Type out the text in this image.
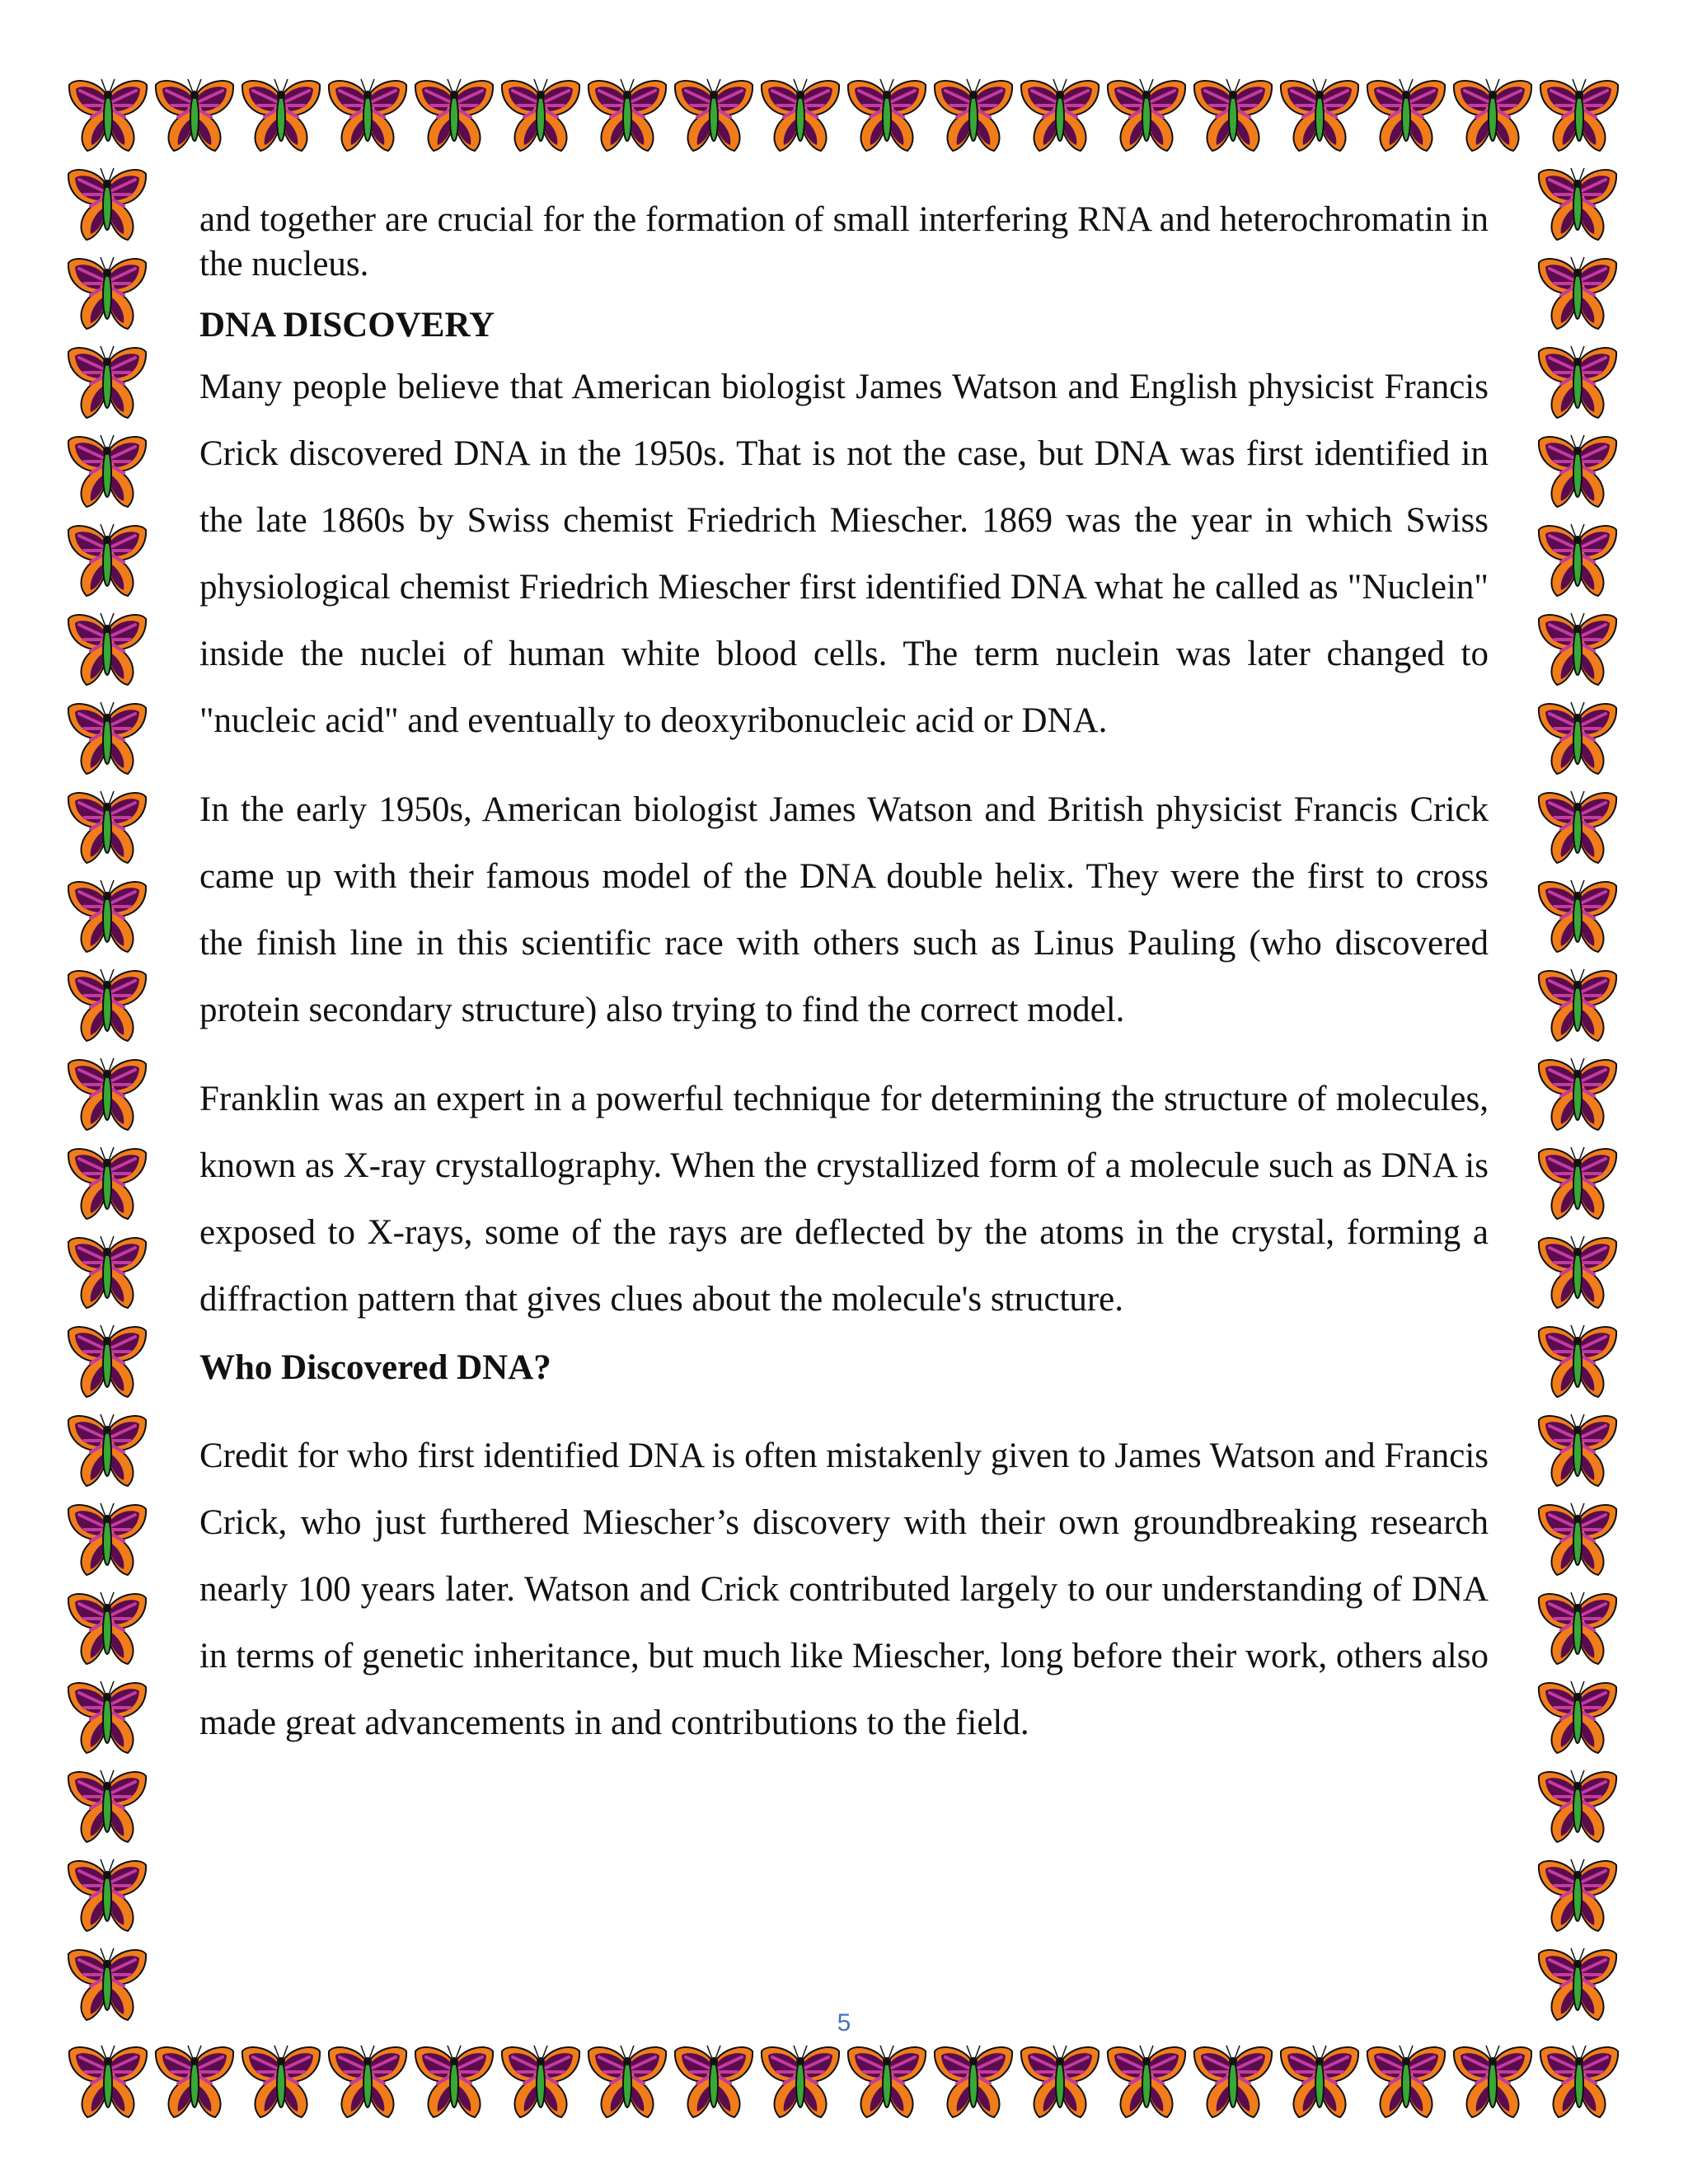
and together are crucial for the formation of small interfering RNA and heterochromatin in the nucleus.

DNA DISCOVERY

Many people believe that American biologist James Watson and English physicist Francis Crick discovered DNA in the 1950s. That is not the case, but DNA was first identified in the late 1860s by Swiss chemist Friedrich Miescher. 1869 was the year in which Swiss physiological chemist Friedrich Miescher first identified DNA what he called as "Nuclein" inside the nuclei of human white blood cells. The term nuclein was later changed to "nucleic acid" and eventually to deoxyribonucleic acid or DNA.

In the early 1950s, American biologist James Watson and British physicist Francis Crick came up with their famous model of the DNA double helix. They were the first to cross the finish line in this scientific race with others such as Linus Pauling (who discovered protein secondary structure) also trying to find the correct model.

Franklin was an expert in a powerful technique for determining the structure of molecules, known as X-ray crystallography. When the crystallized form of a molecule such as DNA is exposed to X-rays, some of the rays are deflected by the atoms in the crystal, forming a diffraction pattern that gives clues about the molecule's structure.

Who Discovered DNA?

Credit for who first identified DNA is often mistakenly given to James Watson and Francis Crick, who just furthered Miescher’s discovery with their own groundbreaking research nearly 100 years later. Watson and Crick contributed largely to our understanding of DNA in terms of genetic inheritance, but much like Miescher, long before their work, others also made great advancements in and contributions to the field.

5
